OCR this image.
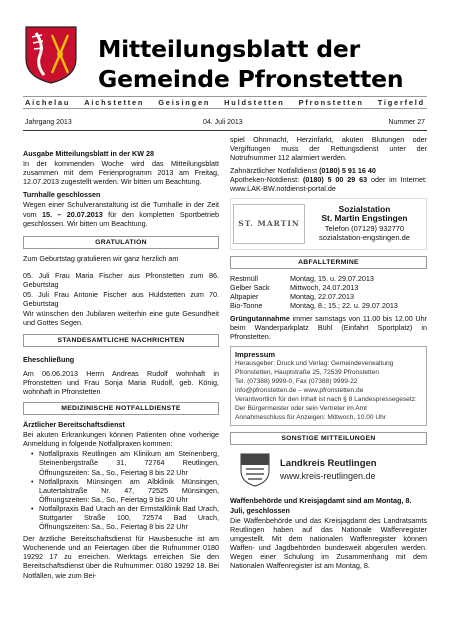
Mitteilungsblatt der
Gemeinde Pfronstetten
Aichelau Aichstetten Geisingen Huldstetten Pfronstetten Tigerfeld
Jahrgang 2013	04. Juli 2013	Nummer 27
Ausgabe Mitteilungsblatt in der KW 28

In der kommenden Woche wird das Mitteilungsblatt zusammen mit dem Ferienprogramm 2013 am Freitag, 12.07.2013 zugestellt werden. Wir bitten um Beachtung.

Turnhalle geschlossen

Wegen einer Schulveranstaltung ist die Turnhalle in der Zeit vom 15. – 20.07.2013 für den kompletten Sportbetrieb geschlossen. Wir bitten um Beachtung.

GRATULATION

Zum Geburtstag gratulieren wir ganz herzlich am

05. Juli Frau Maria Fischer aus Pfronstetten zum 86. Geburtstag

05. Juli Frau Antonie Fischer aus Huldstetten zum 70. Geburtstag

Wir wünschen den Jubilaren weiterhin eine gute Gesundheit und Gottes Segen.

STANDESAMTLICHE NACHRICHTEN
Eheschließung

Am 06.06.2013 Herrn Andreas Rudolf wohnhaft in Pfronstetten und Frau Sonja Maria Rudolf, geb. König, wohnhaft in Pfronstetten

MEDIZINISCHE NOTFALLDIENSTE
Ärztlicher Bereitschaftsdienst

Bei akuten Erkrankungen können Patienten ohne vorherige Anmeldung in folgende Notfallpraxen kommen:

• Notfallpraxis Reutlingen am Klinikum am Steinenberg, Steinenbergstraße 31, 72764 Reutlingen, Öffnungszeiten: Sa., So., Feiertag 8 bis 22 Uhr
• Notfallpraxis Münsingen am Albklinik Münsingen, Lautertalstraße Nr. 47, 72525 Münsingen, Öffnungszeiten: Sa., So., Feiertag 9 bis 20 Uhr
• Notfallpraxis Bad Urach an der Ermstalklinik Bad Urach, Stuttgarter Straße 100, 72574 Bad Urach, Öffnungszeiten: Sa., So., Feiertag 8 bis 22 Uhr

Der ärztliche Bereitschaftsdienst für Hausbesuche ist am Wochenende und an Feiertagen über die Rufnummer 0180 19292 17 zu erreichen. Werktags erreichen Sie den Bereitschaftsdienst über die Rufnummer: 0180 19292 18. Bei Notfällen, wie zum Bei-

spiel Ohnmacht, Herzinfarkt, akuten Blutungen oder Vergiftungen muss der Rettungsdienst unter der Notrufnummer 112 alarmiert werden.

Zahnärztlicher Notfalldienst (0180) 5 91 16 40

Apotheken-Notdienst: (0180) 5 00 29 63 oder im Internet: www.LAK-BW.notdienst-portal.de

ST. MARTIN
Sozialstation
St. Martin Engstingen
Telefon (07129) 932770
sozialstation-engstingen.de
ABFALLTERMINE
Restmüll	Montag, 15. u. 29.07.2013
Gelber Sack	Mittwoch, 24.07.2013
Altpapier	Montag, 22.07.2013
Bio-Tonne	Montag, 8.; 15.; 22. u. 29.07.2013

Grüngutannahme immer samstags von 11.00 bis 12.00 Uhr beim Wanderparkplatz Bühl (Einfahrt Sportplatz) in Pfronstetten.

Impressum
Herausgeber: Druck und Verlag: Gemeindeverwaltung
Pfronstetten, Hauptstraße 25, 72539 Pfronstetten
Tel. (07388) 9999-0, Fax (07388) 9999-22
info@pfronstetten.de – www.pfronstetten.de
Verantwortlich für den Inhalt ist nach § 8 Landespressegesetz:
Der Bürgermeister oder sein Vertreter im Amt
Annahmeschluss für Anzeigen: Mittwoch, 10.00 Uhr
SONSTIGE MITTEILUNGEN
Landkreis Reutlingen
www.kreis-reutlingen.de
Waffenbehörde und Kreisjagdamt sind am Montag, 8. Juli, geschlossen

Die Waffenbehörde und das Kreisjagdamt des Landratsamts Reutlingen haben auf das Nationale Waffenregister umgestellt. Mit dem nationalen Waffenregister können Waffen- und Jagdbehörden bundesweit abgerufen werden. Wegen einer Schulung im Zusammenhang mit dem Nationalen Waffenregister ist am Montag, 8.
